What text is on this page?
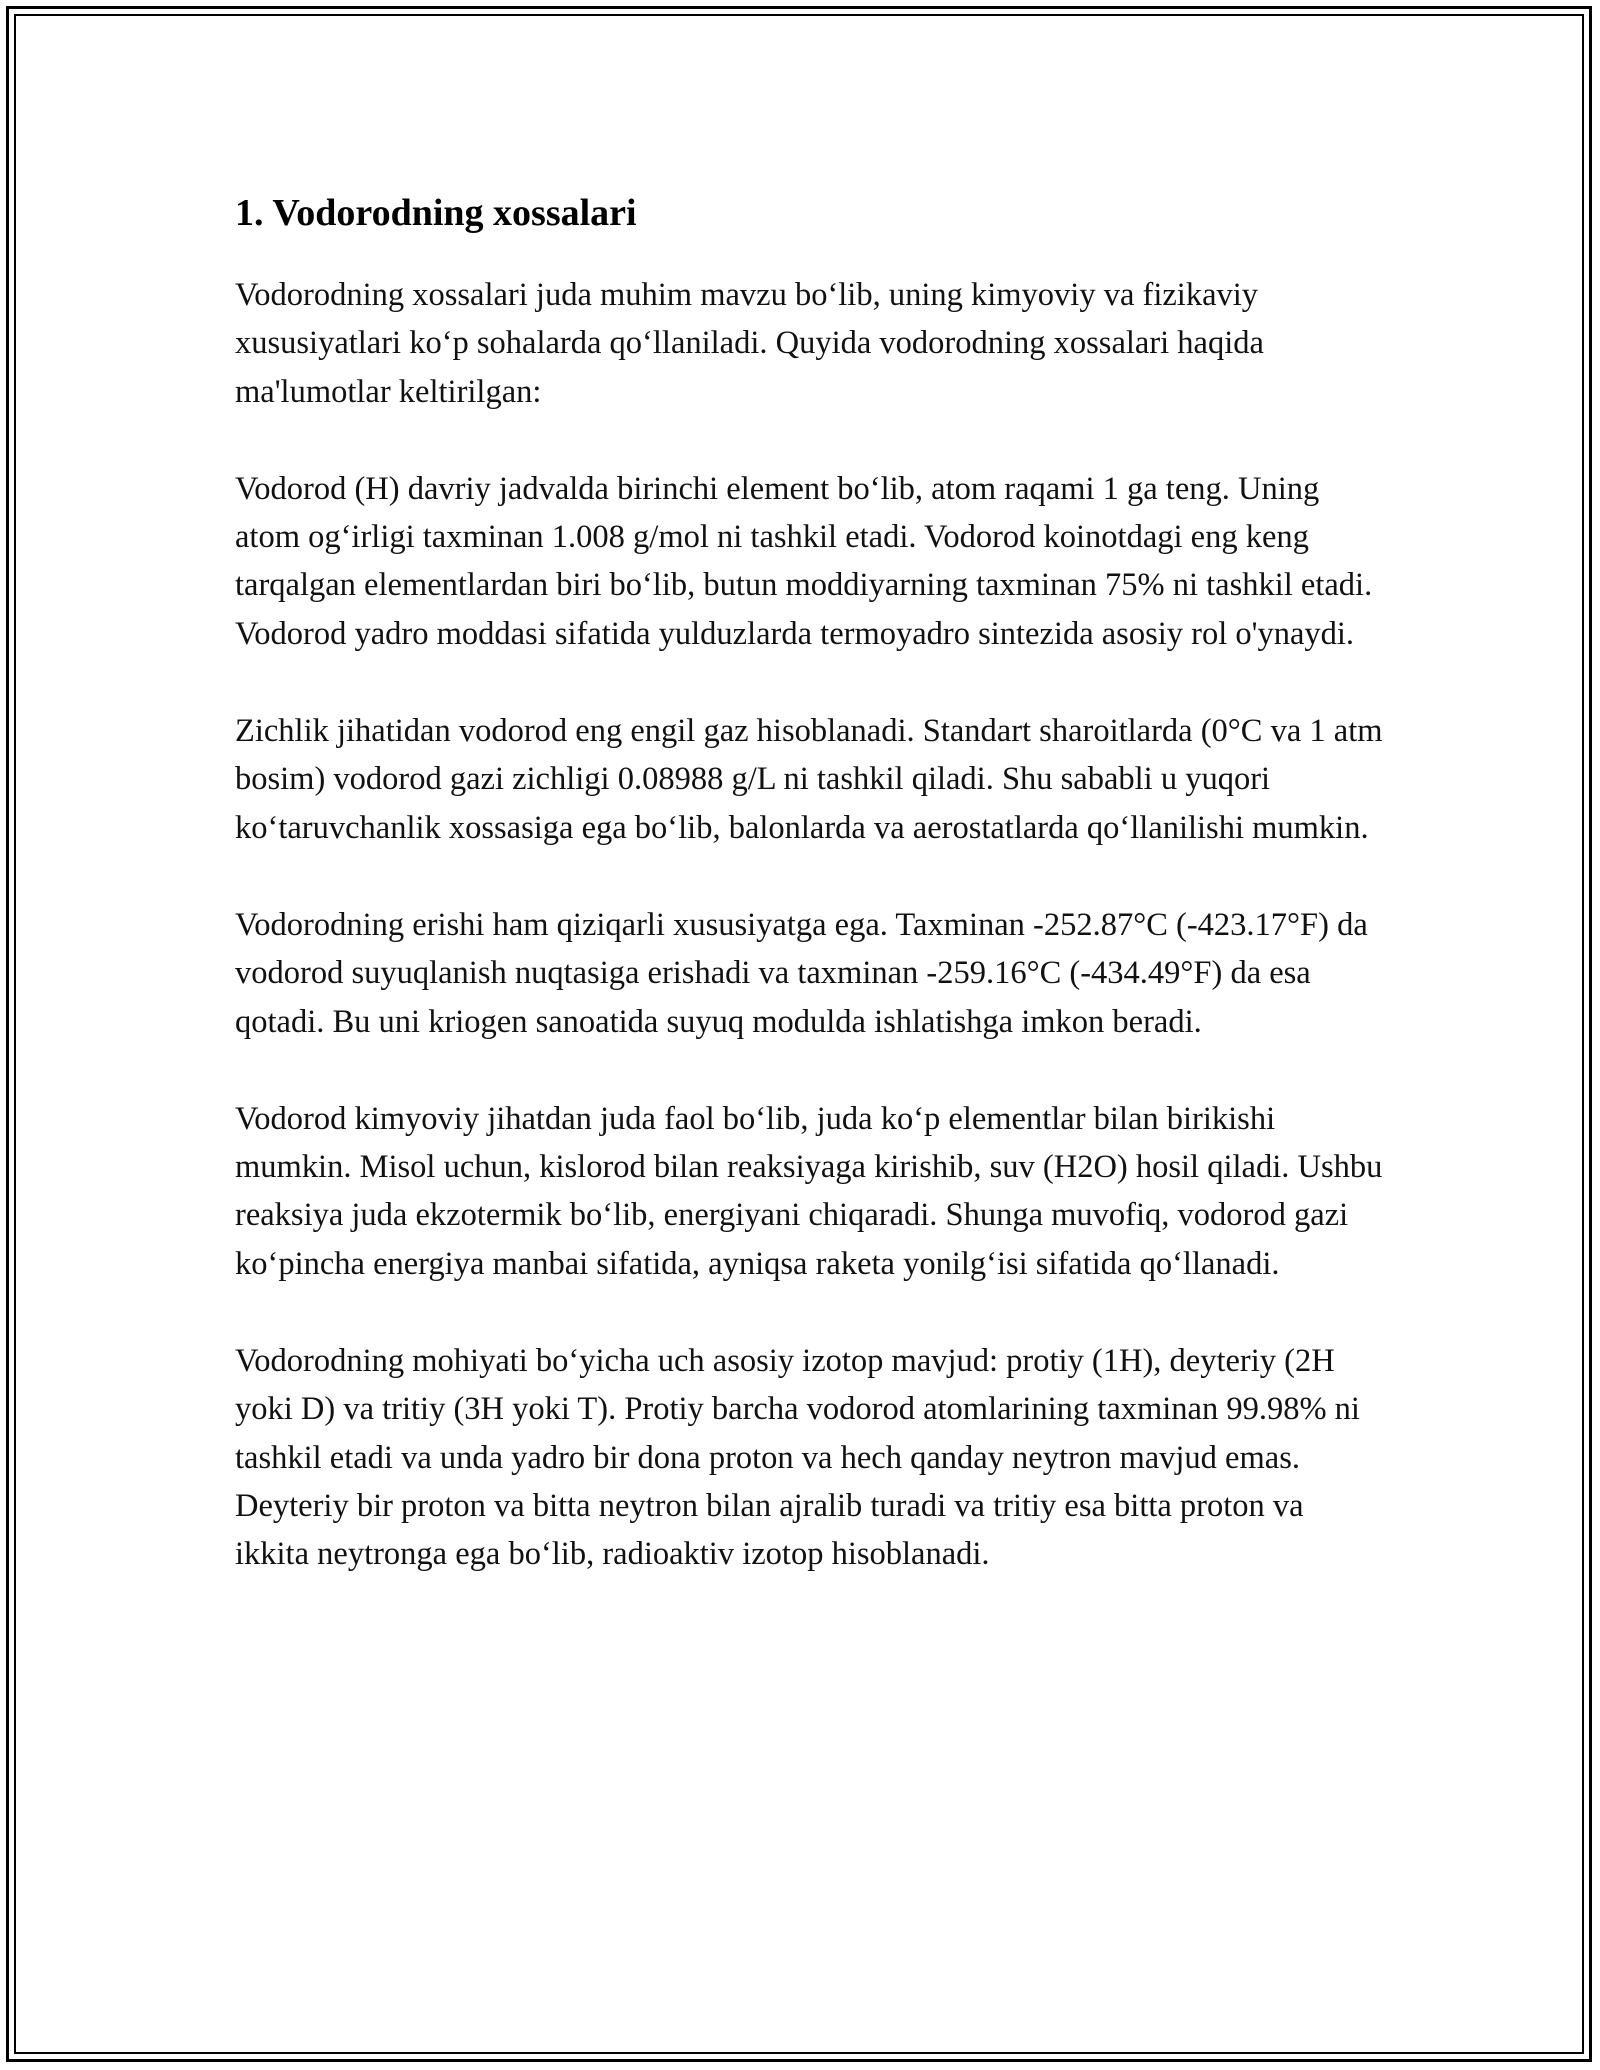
1. Vodorodning xossalari

Vodorodning xossalari juda muhim mavzu bo‘lib, uning kimyoviy va fizikaviy xususiyatlari ko‘p sohalarda qo‘llaniladi. Quyida vodorodning xossalari haqida ma'lumotlar keltirilgan:

Vodorod (H) davriy jadvalda birinchi element bo‘lib, atom raqami 1 ga teng. Uning atom og‘irligi taxminan 1.008 g/mol ni tashkil etadi. Vodorod koinotdagi eng keng tarqalgan elementlardan biri bo‘lib, butun moddiyarning taxminan 75% ni tashkil etadi. Vodorod yadro moddasi sifatida yulduzlarda termoyadro sintezida asosiy rol o'ynaydi.

Zichlik jihatidan vodorod eng engil gaz hisoblanadi. Standart sharoitlarda (0°C va 1 atm bosim) vodorod gazi zichligi 0.08988 g/L ni tashkil qiladi. Shu sababli u yuqori ko‘taruvchanlik xossasiga ega bo‘lib, balonlarda va aerostatlarda qo‘llanilishi mumkin.

Vodorodning erishi ham qiziqarli xususiyatga ega. Taxminan -252.87°C (-423.17°F) da vodorod suyuqlanish nuqtasiga erishadi va taxminan -259.16°C (-434.49°F) da esa qotadi. Bu uni kriogen sanoatida suyuq modulda ishlatishga imkon beradi.

Vodorod kimyoviy jihatdan juda faol bo‘lib, juda ko‘p elementlar bilan birikishi mumkin. Misol uchun, kislorod bilan reaksiyaga kirishib, suv (H2O) hosil qiladi. Ushbu reaksiya juda ekzotermik bo‘lib, energiyani chiqaradi. Shunga muvofiq, vodorod gazi ko‘pincha energiya manbai sifatida, ayniqsa raketa yonilg‘isi sifatida qo‘llanadi.

Vodorodning mohiyati bo‘yicha uch asosiy izotop mavjud: protiy (1H), deyteriy (2H yoki D) va tritiy (3H yoki T). Protiy barcha vodorod atomlarining taxminan 99.98% ni tashkil etadi va unda yadro bir dona proton va hech qanday neytron mavjud emas. Deyteriy bir proton va bitta neytron bilan ajralib turadi va tritiy esa bitta proton va ikkita neytronga ega bo‘lib, radioaktiv izotop hisoblanadi.
